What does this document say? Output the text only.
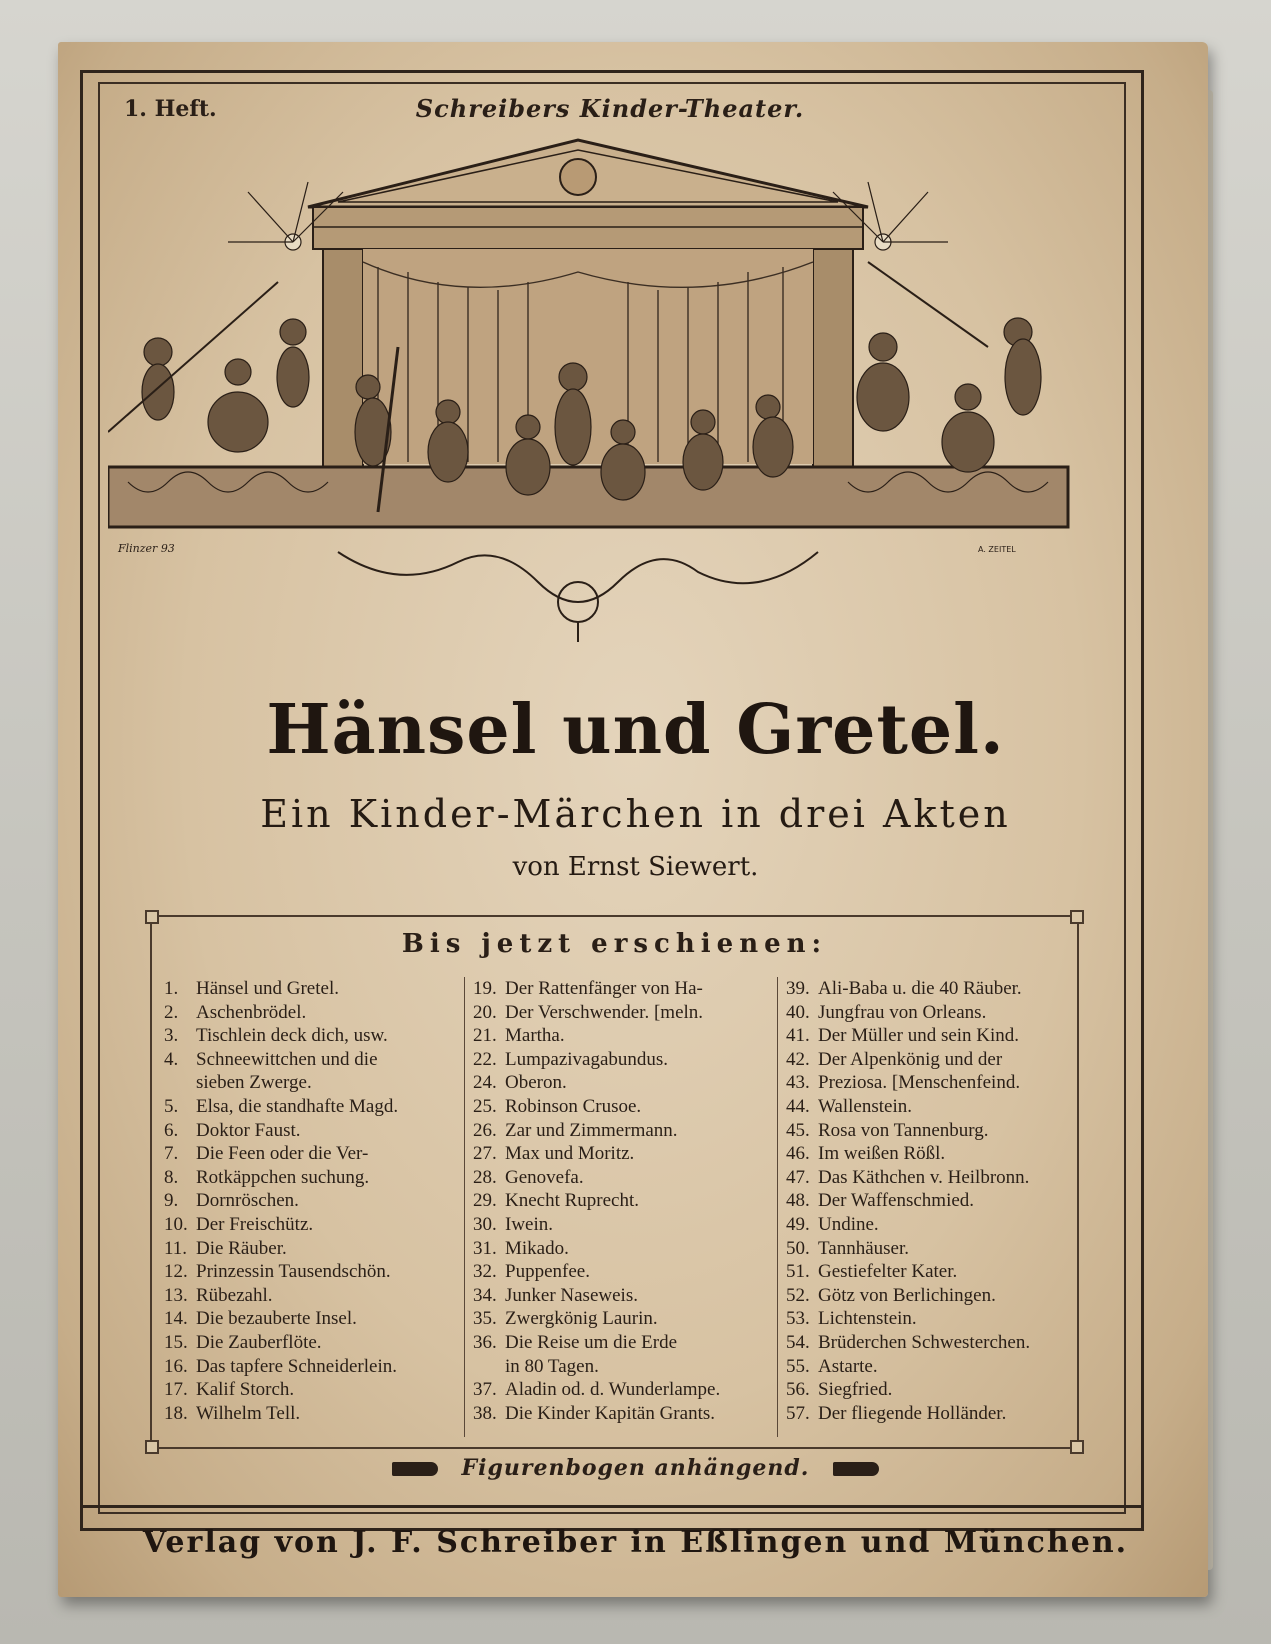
1. Heft.	Schreibers Kinder-Theater.
Flinzer 93	A. ZEITEL
Hänsel und Gretel.
Ein Kinder-Märchen in drei Akten
von Ernst Siewert.
Bis jetzt erschienen:
1. Hänsel und Gretel.
2. Aschenbrödel.
3. Tischlein deck dich, usw.
4. Schneewittchen und die
sieben Zwerge.
5. Elsa, die standhafte Magd.
6. Doktor Faust.
7. Die Feen oder die Ver-
8. Rotkäppchen suchung.
9. Dornröschen.
10. Der Freischütz.
11. Die Räuber.
12. Prinzessin Tausendschön.
13. Rübezahl.
14. Die bezauberte Insel.
15. Die Zauberflöte.
16. Das tapfere Schneiderlein.
17. Kalif Storch.
18. Wilhelm Tell.
19. Der Rattenfänger von Ha-
20. Der Verschwender. [meln.
21. Martha.
22. Lumpazivagabundus.
24. Oberon.
25. Robinson Crusoe.
26. Zar und Zimmermann.
27. Max und Moritz.
28. Genovefa.
29. Knecht Ruprecht.
30. Iwein.
31. Mikado.
32. Puppenfee.
34. Junker Naseweis.
35. Zwergkönig Laurin.
36. Die Reise um die Erde
in 80 Tagen.
37. Aladin od. d. Wunderlampe.
38. Die Kinder Kapitän Grants.
39. Ali-Baba u. die 40 Räuber.
40. Jungfrau von Orleans.
41. Der Müller und sein Kind.
42. Der Alpenkönig und der
43. Preziosa. [Menschenfeind.
44. Wallenstein.
45. Rosa von Tannenburg.
46. Im weißen Rößl.
47. Das Käthchen v. Heilbronn.
48. Der Waffenschmied.
49. Undine.
50. Tannhäuser.
51. Gestiefelter Kater.
52. Götz von Berlichingen.
53. Lichtenstein.
54. Brüderchen Schwesterchen.
55. Astarte.
56. Siegfried.
57. Der fliegende Holländer.
Figurenbogen anhängend.
Verlag von J. F. Schreiber in Eßlingen und München.
